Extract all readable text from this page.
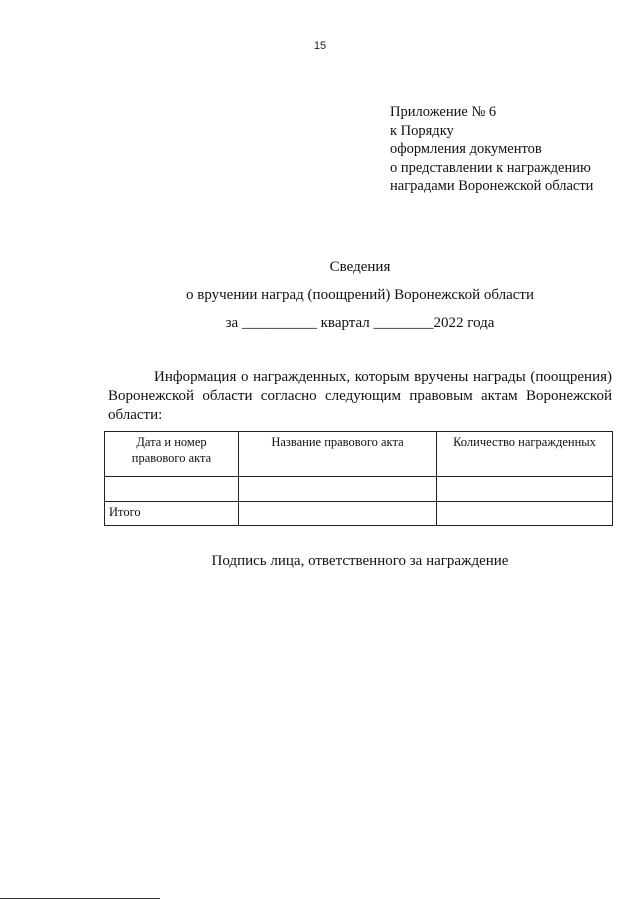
15
Приложение № 6
к Порядку
оформления документов
о представлении к награждению
наградами Воронежской области
Сведения
о вручении наград (поощрений) Воронежской области
за __________ квартал ________2022 года
Информация о награжденных, которым вручены награды (поощрения) Воронежской области согласно следующим правовым актам Воронежской области:
Дата и номер правового акта	Название правового акта	Количество награжденных

Итого		
Подпись лица, ответственного за награждение
